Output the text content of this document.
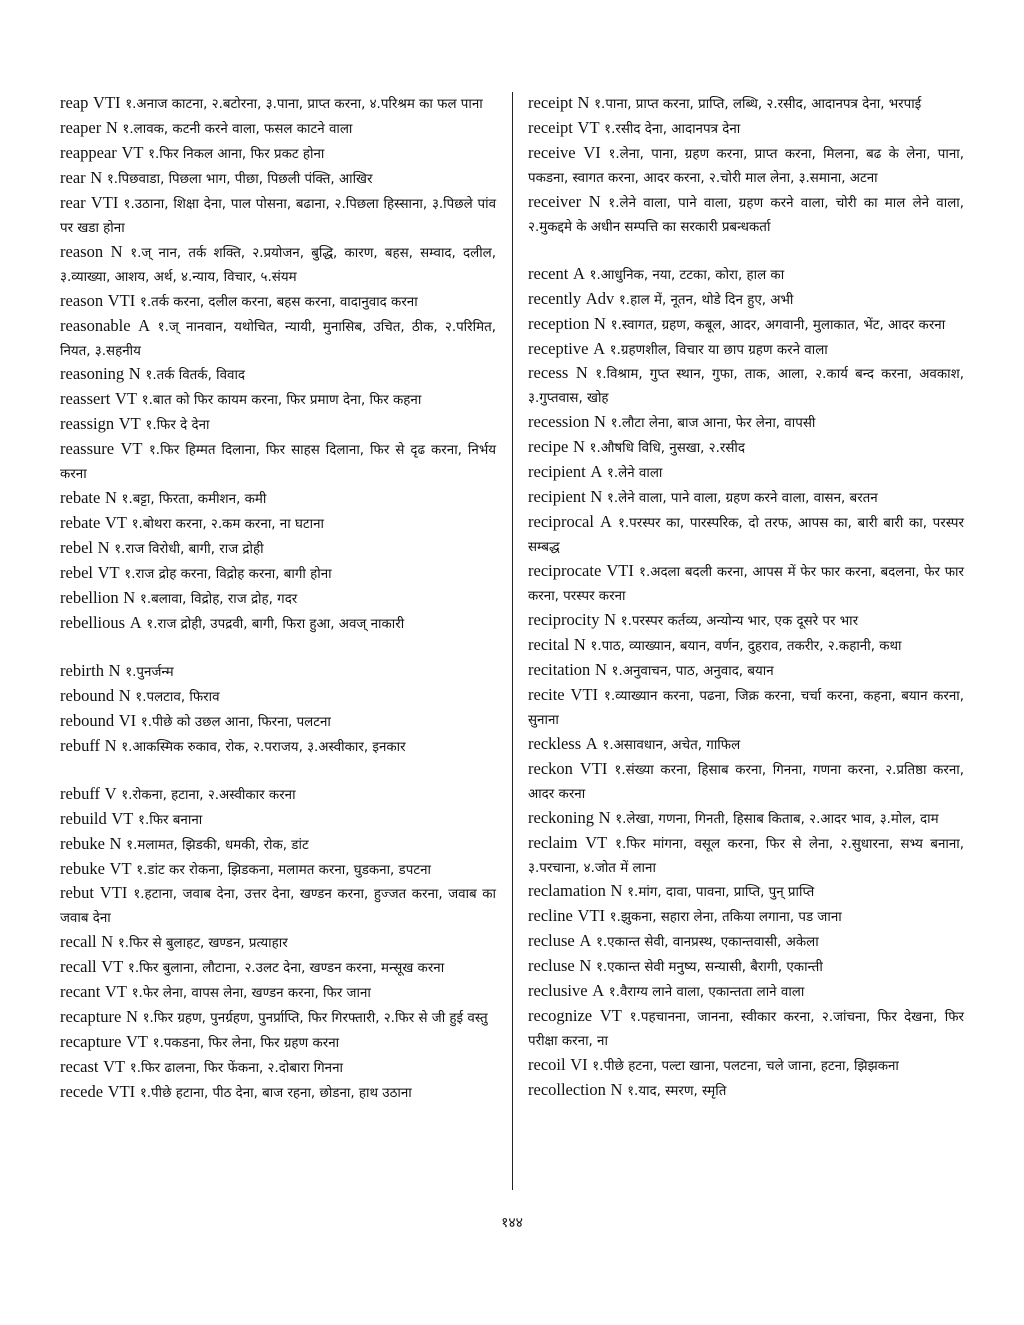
reap VTI १.अनाज काटना, २.बटोरना, ३.पाना, प्राप्त करना, ४.परिश्रम का फल पाना

reaper N १.लावक, कटनी करने वाला, फसल काटने वाला

reappear VT १.फिर निकल आना, फिर प्रकट होना

rear N १.पिछवाडा, पिछला भाग, पीछा, पिछली पंक्ति, आखिर

rear VTI १.उठाना, शिक्षा देना, पाल पोसना, बढाना, २.पिछला हिस्साना, ३.पिछले पांव पर खडा होना

reason N १.ज् नान, तर्क शक्ति, २.प्रयोजन, बुद्धि, कारण, बहस, सम्वाद, दलील, ३.व्याख्या, आशय, अर्थ, ४.न्याय, विचार, ५.संयम

reason VTI १.तर्क करना, दलील करना, बहस करना, वादानुवाद करना

reasonable A १.ज् नानवान, यथोचित, न्यायी, मुनासिब, उचित, ठीक, २.परिमित, नियत, ३.सहनीय

reasoning N १.तर्क वितर्क, विवाद

reassert VT १.बात को फिर कायम करना, फिर प्रमाण देना, फिर कहना

reassign VT १.फिर दे देना

reassure VT १.फिर हिम्मत दिलाना, फिर साहस दिलाना, फिर से दृढ करना, निर्भय करना

rebate N १.बट्टा, फिरता, कमीशन, कमी

rebate VT १.बोथरा करना, २.कम करना, ना घटाना

rebel N १.राज विरोधी, बागी, राज द्रोही

rebel VT १.राज द्रोह करना, विद्रोह करना, बागी होना

rebellion N १.बलावा, विद्रोह, राज द्रोह, गदर

rebellious A १.राज द्रोही, उपद्रवी, बागी, फिरा हुआ, अवज् नाकारी

rebirth N १.पुनर्जन्म

rebound N १.पलटाव, फिराव

rebound VI १.पीछे को उछल आना, फिरना, पलटना

rebuff N १.आकस्मिक रुकाव, रोक, २.पराजय, ३.अस्वीकार, इनकार

rebuff V १.रोकना, हटाना, २.अस्वीकार करना

rebuild VT १.फिर बनाना

rebuke N १.मलामत, झिडकी, धमकी, रोक, डांट

rebuke VT १.डांट कर रोकना, झिडकना, मलामत करना, घुडकना, डपटना

rebut VTI १.हटाना, जवाब देना, उत्तर देना, खण्डन करना, हुज्जत करना, जवाब का जवाब देना

recall N १.फिर से बुलाहट, खण्डन, प्रत्याहार

recall VT १.फिर बुलाना, लौटाना, २.उलट देना, खण्डन करना, मन्सूख करना

recant VT १.फेर लेना, वापस लेना, खण्डन करना, फिर जाना

recapture N १.फिर ग्रहण, पुनर्ग्रहण, पुनर्प्राप्ति, फिर गिरफ्तारी, २.फिर से जी हुई वस्तु

recapture VT १.पकडना, फिर लेना, फिर ग्रहण करना

recast VT १.फिर ढालना, फिर फेंकना, २.दोबारा गिनना

recede VTI १.पीछे हटाना, पीठ देना, बाज रहना, छोडना, हाथ उठाना

receipt N १.पाना, प्राप्त करना, प्राप्ति, लब्धि, २.रसीद, आदानपत्र देना, भरपाई

receipt VT १.रसीद देना, आदानपत्र देना

receive VI १.लेना, पाना, ग्रहण करना, प्राप्त करना, मिलना, बढ के लेना, पाना, पकडना, स्वागत करना, आदर करना, २.चोरी माल लेना, ३.समाना, अटना

receiver N १.लेने वाला, पाने वाला, ग्रहण करने वाला, चोरी का माल लेने वाला, २.मुकद्दमे के अधीन सम्पत्ति का सरकारी प्रबन्धकर्ता

recent A १.आधुनिक, नया, टटका, कोरा, हाल का

recently Adv १.हाल में, नूतन, थोडे दिन हुए, अभी

reception N १.स्वागत, ग्रहण, कबूल, आदर, अगवानी, मुलाकात, भेंट, आदर करना

receptive A १.ग्रहणशील, विचार या छाप ग्रहण करने वाला

recess N १.विश्राम, गुप्त स्थान, गुफा, ताक, आला, २.कार्य बन्द करना, अवकाश, ३.गुप्तवास, खोह

recession N १.लौटा लेना, बाज आना, फेर लेना, वापसी

recipe N १.औषधि विधि, नुसखा, २.रसीद

recipient A १.लेने वाला

recipient N १.लेने वाला, पाने वाला, ग्रहण करने वाला, वासन, बरतन

reciprocal A १.परस्पर का, पारस्परिक, दो तरफ, आपस का, बारी बारी का, परस्पर सम्बद्ध

reciprocate VTI १.अदला बदली करना, आपस में फेर फार करना, बदलना, फेर फार करना, परस्पर करना

reciprocity N १.परस्पर कर्तव्य, अन्योन्य भार, एक दूसरे पर भार

recital N १.पाठ, व्याख्यान, बयान, वर्णन, दुहराव, तकरीर, २.कहानी, कथा

recitation N १.अनुवाचन, पाठ, अनुवाद, बयान

recite VTI १.व्याख्यान करना, पढना, जिक्र करना, चर्चा करना, कहना, बयान करना, सुनाना

reckless A १.असावधान, अचेत, गाफिल

reckon VTI १.संख्या करना, हिसाब करना, गिनना, गणना करना, २.प्रतिष्ठा करना, आदर करना

reckoning N १.लेखा, गणना, गिनती, हिसाब किताब, २.आदर भाव, ३.मोल, दाम

reclaim VT १.फिर मांगना, वसूल करना, फिर से लेना, २.सुधारना, सभ्य बनाना, ३.परचाना, ४.जोत में लाना

reclamation N १.मांग, दावा, पावना, प्राप्ति, पुन् प्राप्ति

recline VTI १.झुकना, सहारा लेना, तकिया लगाना, पड जाना

recluse A १.एकान्त सेवी, वानप्रस्थ, एकान्तवासी, अकेला

recluse N १.एकान्त सेवी मनुष्य, सन्यासी, बैरागी, एकान्ती

reclusive A १.वैराग्य लाने वाला, एकान्तता लाने वाला

recognize VT १.पहचानना, जानना, स्वीकार करना, २.जांचना, फिर देखना, फिर परीक्षा करना, ना

recoil VI १.पीछे हटना, पल्टा खाना, पलटना, चले जाना, हटना, झिझकना

recollection N १.याद, स्मरण, स्मृति

१४४
